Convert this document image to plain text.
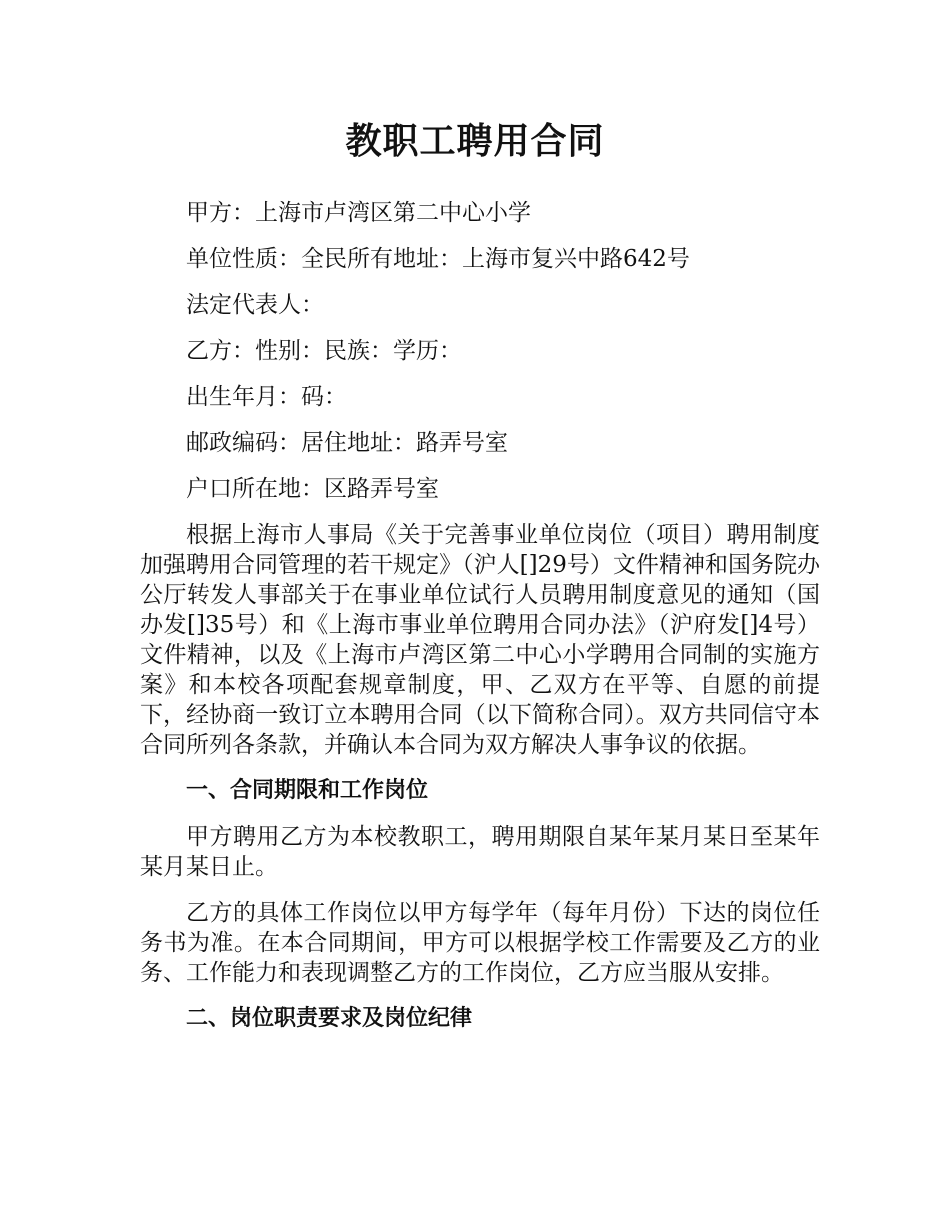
教职工聘用合同

甲方：上海市卢湾区第二中心小学

单位性质：全民所有地址：上海市复兴中路642号

法定代表人：

乙方：性别：民族：学历：

出生年月：码：

邮政编码：居住地址：路弄号室

户口所在地：区路弄号室

根据上海市人事局《关于完善事业单位岗位（项目）聘用制度加强聘用合同管理的若干规定》（沪人[]29号）文件精神和国务院办公厅转发人事部关于在事业单位试行人员聘用制度意见的通知（国办发[]35号）和《上海市事业单位聘用合同办法》（沪府发[]4号）文件精神，以及《上海市卢湾区第二中心小学聘用合同制的实施方案》和本校各项配套规章制度，甲、乙双方在平等、自愿的前提下，经协商一致订立本聘用合同（以下简称合同）。双方共同信守本合同所列各条款，并确认本合同为双方解决人事争议的依据。

一、合同期限和工作岗位

甲方聘用乙方为本校教职工，聘用期限自某年某月某日至某年某月某日止。

乙方的具体工作岗位以甲方每学年（每年月份）下达的岗位任务书为准。在本合同期间，甲方可以根据学校工作需要及乙方的业务、工作能力和表现调整乙方的工作岗位，乙方应当服从安排。

二、岗位职责要求及岗位纪律
